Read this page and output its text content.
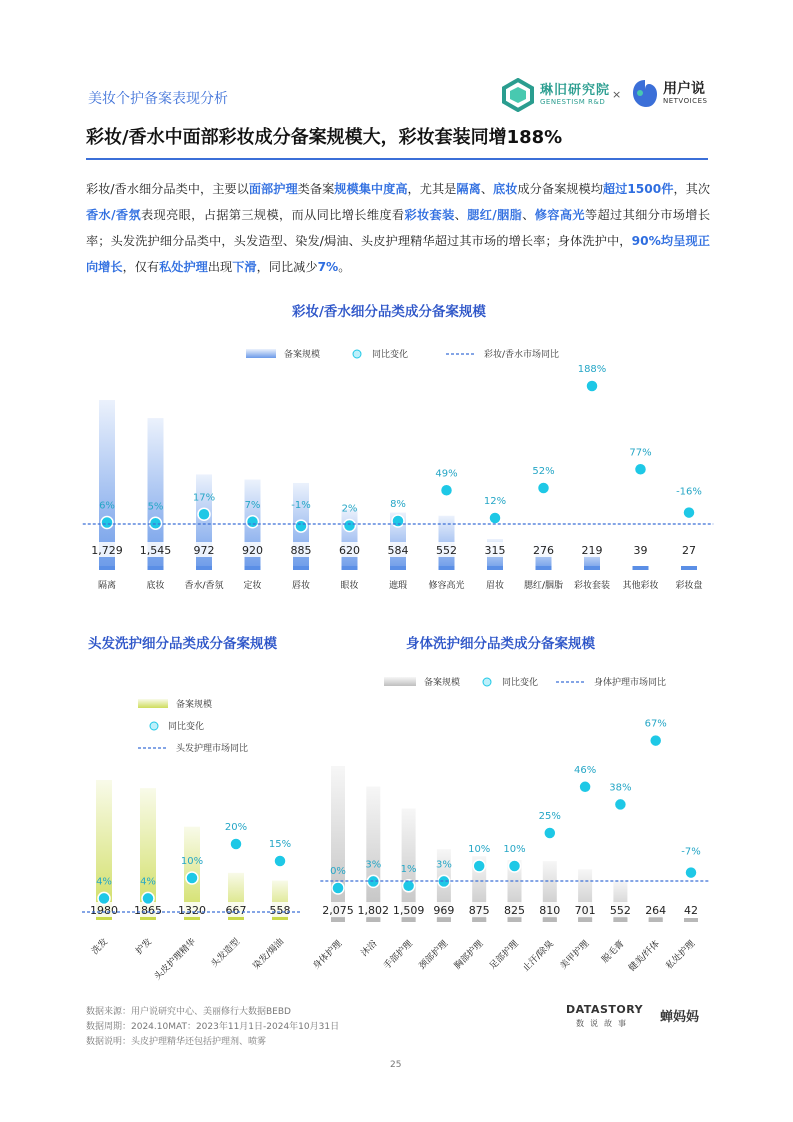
美妆个护备案表现分析
琳旧研究院
GENESTISM R&D
×	用户说
NETVOICES
彩妆/香水中面部彩妆成分备案规模大，彩妆套装同增188%
彩妆/香水细分品类中，主要以面部护理类备案规模集中度高，尤其是隔离、底妆成分备案规模均超过1500件，其次香水/香氛表现亮眼，占据第三规模，而从同比增长维度看彩妆套装、腮红/胭脂、修容高光等超过其细分市场增长率；头发洗护细分品类中，头发造型、染发/焗油、头皮护理精华超过其市场的增长率；身体洗护中，90%均呈现正向增长，仅有私处护理出现下滑，同比减少7%。
彩妆/香水细分品类成分备案规模
备案规模	同比变化	彩妆/香水市场同比
1,729
隔离
6%
1,545
底妆
5%
972
香水/香氛
17%
920
定妆
7%
885
唇妆
-1%
620
眼妆
2%
584
遮瑕
8%
552
修容高光
49%
315
眉妆
12%
276
腮红/胭脂
52%
219
彩妆套装
188%
39
其他彩妆
77%
27
彩妆盘
-16%
头发洗护细分品类成分备案规模
备案规模
同比变化
头发护理市场同比
1980
洗发
4%
1865
护发
4%
1320
头皮护理精华
10%
667
头发造型
20%
558
染发/焗油
15%
身体洗护细分品类成分备案规模
备案规模	同比变化	身体护理市场同比
2,075
身体护理
0%
1,802
沐浴
3%
1,509
手部护理
1%
969
颈部护理
3%
875
胸部护理
10%
825
足部护理
10%
810
止汗/除臭
25%
701
美甲护理
46%
552
脱毛膏
38%
264
健美/纤体
67%
42
私处护理
-7%
数据来源：用户说研究中心、美丽修行大数据BEBD
数据周期：2024.10MAT：2023年11月1日-2024年10月31日
数据说明：头皮护理精华还包括护理剂、喷雾
DATASTORY
数说故事 蝉妈妈
25
